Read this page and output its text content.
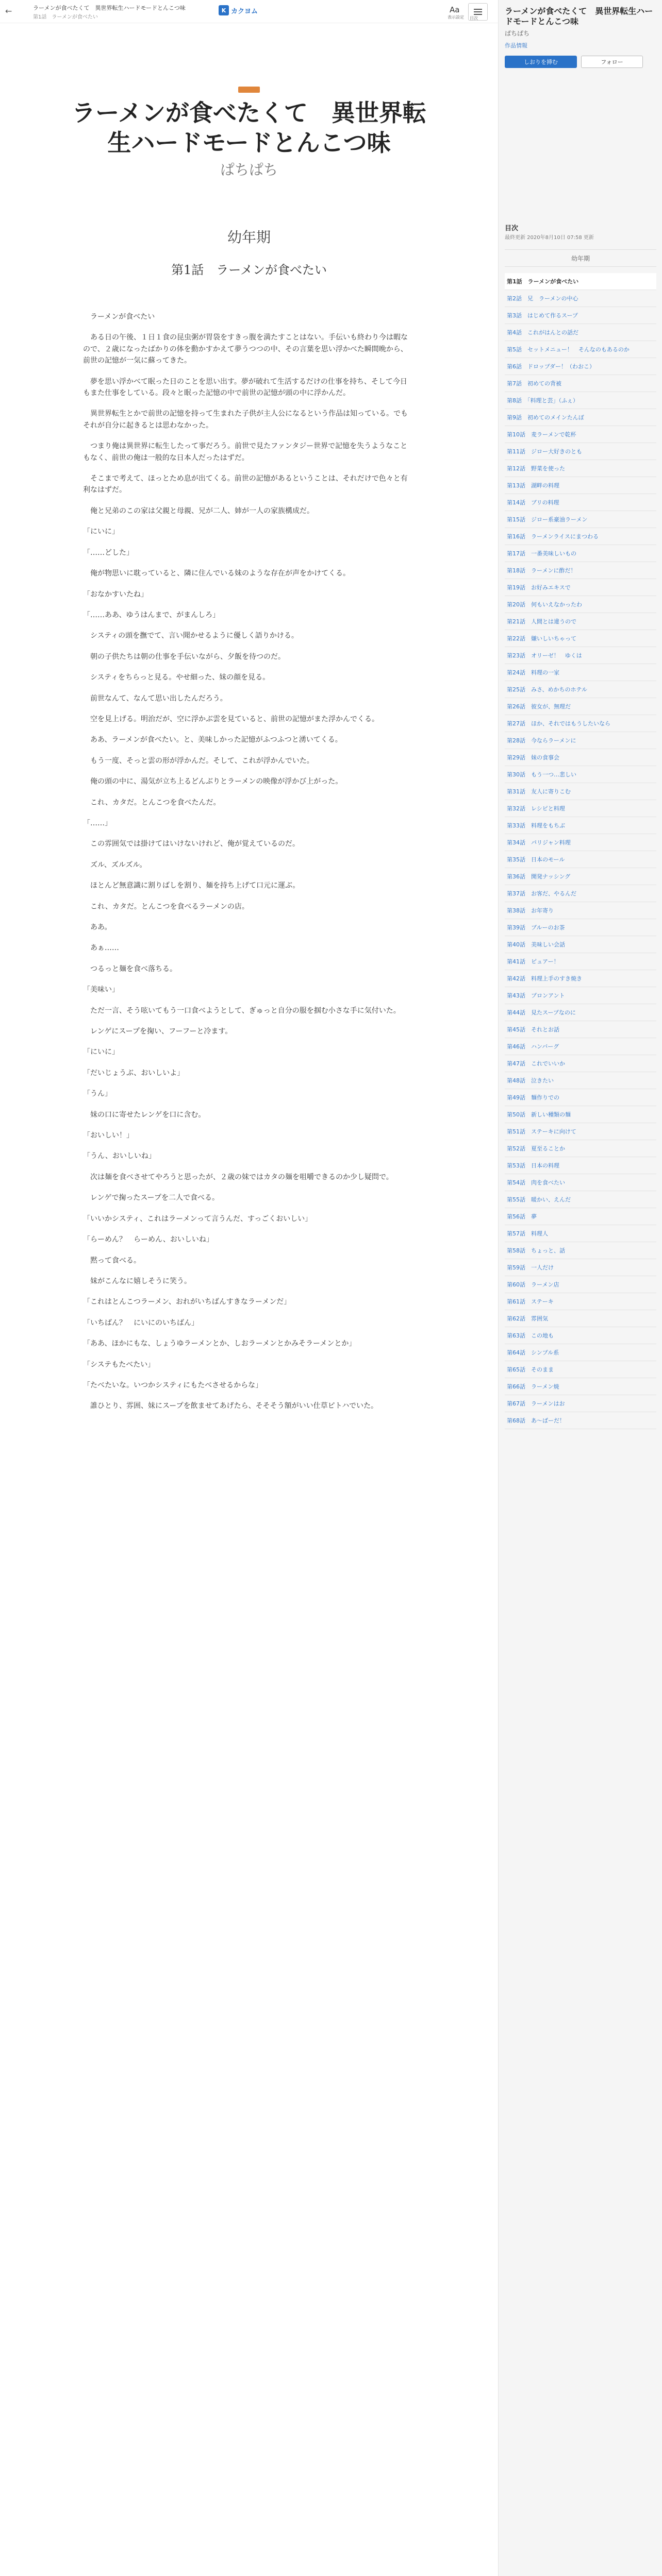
←	ラーメンが食べたくて　異世界転生ハードモードとんこつ味
第1話　ラーメンが食べたい
K カクヨム	Aa
表示設定 目次
ラーメンが食べたくて　異世界転生ハードモードとんこつ味
ぱちぱち
幼年期
第1話　ラーメンが食べたい

　ラーメンが食べたい

　ある日の午後、１日１食の昆虫粥が胃袋をすきっ腹を満たすことはない。手伝いも終わり今は暇なので、２歳になったばかりの体を動かすかえて夢うつつの中、その言葉を思い浮かべた瞬間晩から、前世の記憶が一気に蘇ってきた。

　夢を思い浮かべて眠った日のことを思い出す。夢が破れて生活するだけの仕事を持ち、そして今日もまた仕事をしている。段々と眠った記憶の中で前世の記憶が頭の中に浮かんだ。

　異世界転生とかで前世の記憶を持って生まれた子供が主人公になるという作品は知っている。でもそれが自分に起きるとは思わなかった。

　つまり俺は異世界に転生したって事だろう。前世で見たファンタジー世界で記憶を失うようなこともなく、前世の俺は一般的な日本人だったはずだ。

　そこまで考えて、ほっとため息が出てくる。前世の記憶があるということは、それだけで色々と有利なはずだ。

　俺と兄弟のこの家は父親と母親、兄が二人、姉が一人の家族構成だ。

「にいに」

「……どした」

　俺が物思いに耽っていると、隣に住んでいる妹のような存在が声をかけてくる。

「おなかすいたね」

「……ああ、ゆうはんまで、がまんしろ」

　システィの頭を撫でて、言い聞かせるように優しく語りかける。

　朝の子供たちは朝の仕事を手伝いながら、夕飯を待つのだ。

　システィをちらっと見る。やせ細った、妹の顔を見る。

　前世なんて、なんて思い出したんだろう。

　空を見上げる。明治だが、空に浮かぶ雲を見ていると、前世の記憶がまた浮かんでくる。

　ああ、ラーメンが食べたい。と、美味しかった記憶がふつふつと湧いてくる。

　もう一度、そっと雲の形が浮かんだ。そして、これが浮かんでいた。

　俺の頭の中に、湯気が立ち上るどんぶりとラーメンの映像が浮かび上がった。

　これ、カタだ。とんこつを食べたんだ。

「……」

　この雰囲気では掛けてはいけないけれど、俺が覚えているのだ。

　ズル、ズルズル。

　ほとんど無意識に割りばしを割り、麺を持ち上げて口元に運ぶ。

　これ、カタだ。とんこつを食べるラーメンの店。

　ああ。

　あぁ……

　つるっと麺を食べ落ちる。

「美味い」

　ただ一言、そう呟いてもう一口食べようとして、ぎゅっと自分の服を掴む小さな手に気付いた。

　レンゲにスープを掬い、フーフーと冷ます。

「にいに」

「だいじょうぶ、おいしいよ」

「うん」

　妹の口に寄せたレンゲを口に含む。

「おいしい！」

「うん、おいしいね」

　次は麺を食べさせてやろうと思ったが、２歳の妹ではカタの麺を咀嚼できるのか少し疑問で。

　レンゲで掬ったスープを二人で食べる。

「いいかシスティ、これはラーメンって言うんだ、すっごくおいしい」

「らーめん？　らーめん、おいしいね」

　黙って食べる。

　妹がこんなに嬉しそうに笑う。

「これはとんこつラーメン、おれがいちばんすきなラーメンだ」

「いちばん？　にいにのいちばん」

「ああ、ほかにもな、しょうゆラーメンとか、しおラーメンとかみそラーメンとか」

「システもたべたい」

「たべたいな。いつかシスティにもたべさせるからな」

　誰ひとり、雰囲、妹にスープを飲ませてあげたら、そそそう額がいい仕草ピトハでいた。

ラーメンが食べたくて　異世界転生ハードモードとんこつ味
ぱちぱち
作品情報
しおりを挿む	フォロー
目次
最終更新 2020年8月10日 07:58 更新
幼年期
第1話　ラーメンが食べたい
第2話　兄　ラーメンの中心
第3話　はじめて作るスープ
第4話　これがはんとの話だ
第5話　セットメニュー！　そんなのもあるのか
第6話　ドロップダー！（わおこ）
第7話　初めての背被
第8話　「料理と芸」（ふぇ）
第9話　初めてのメインたんぼ
第10話　麦ラーメンで乾杯
第11話　ジロー大好きのとも
第12話　野菜を使った
第13話　湖畔の料理
第14話　ブリの料理
第15話　ジロー系豪油ラーメン
第16話　ラーメンライスにまつわる
第17話　一番美味しいもの
第18話　ラーメンに酢だ！
第19話　お好みエキスで
第20話　何もいえなかったわ
第21話　人間とは違うので
第22話　嫌いしいちゃって
第23話　オリーゼ！　ゆくは
第24話　料理の一家
第25話　みさ、めかちのホテル
第26話　彼女が、無理だ
第27話　ほか、それではもうしたいなら
第28話　今ならラーメンに
第29話　妹の食事会
第30話　もう一つ…悲しい
第31話　友人に寄りこむ
第32話　レシピと料理
第33話　料理をもちぶ
第34話　パリジャン料理
第35話　日本のモール
第36話　開発ナッシング
第37話　お客だ、やるんだ
第38話　お年寄り
第39話　ブルーのお茶
第40話　美味しい会話
第41話　ピュアー！
第42話　料理上手のすき焼き
第43話　プロンアント
第44話　見たスープなのに
第45話　それとお話
第46話　ハンバーグ
第47話　これでいいか
第48話　泣きたい
第49話　麺作りでの
第50話　新しい種類の麺
第51話　ステーキに向けて
第52話　夏至ることか
第53話　日本の料理
第54話　肉を食べたい
第55話　暖かい、えんだ
第56話　夢
第57話　料理人
第58話　ちょっと、話
第59話　一人だけ
第60話　ラーメン店
第61話　ステーキ
第62話　雰囲気
第63話　この地も
第64話　シンプル系
第65話　そのまま
第66話　ラーメン焼
第67話　ラーメンはお
第68話　あ〜ばーだ！
